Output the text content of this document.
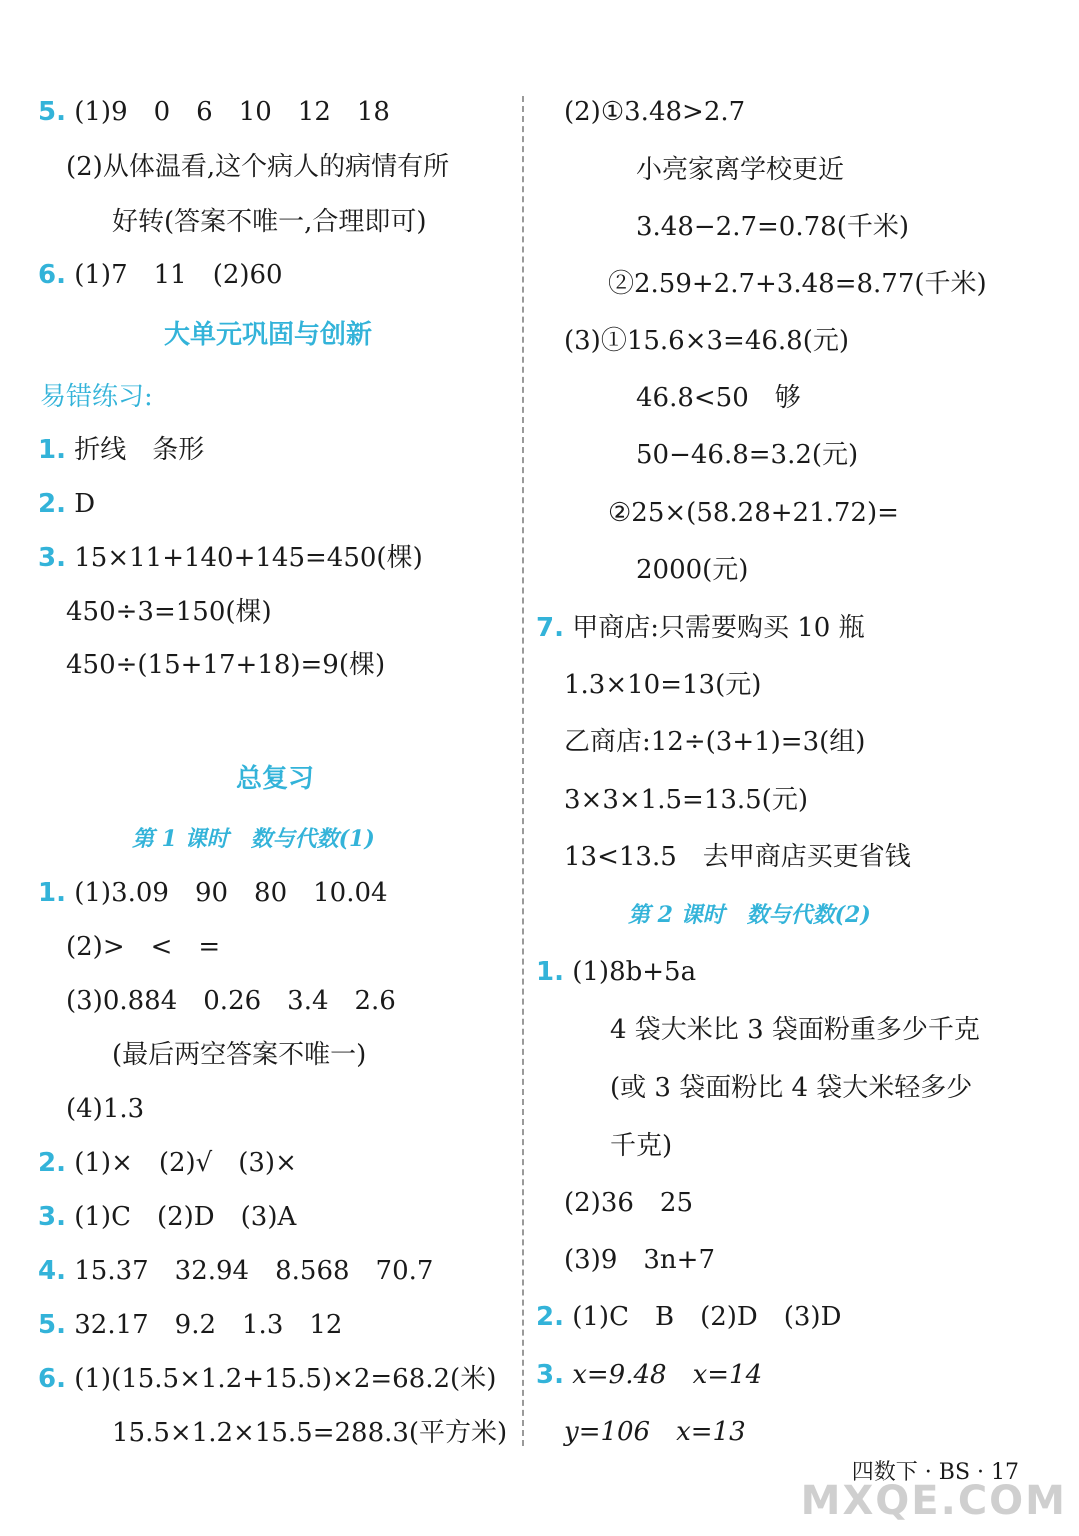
5. (1)9　0　6　10　12　18
(2)从体温看,这个病人的病情有所
好转(答案不唯一,合理即可)
6. (1)7　11　(2)60
大单元巩固与创新
易错练习:
1. 折线　条形
2. D
3. 15×11+140+145=450(棵)
450÷3=150(棵)
450÷(15+17+18)=9(棵)
总复习
第 1 课时　数与代数(1)
1. (1)3.09　90　80　10.04
(2)>　<　=
(3)0.884　0.26　3.4　2.6
(最后两空答案不唯一)
(4)1.3
2. (1)×　(2)√　(3)×
3. (1)C　(2)D　(3)A
4. 15.37　32.94　8.568　70.7
5. 32.17　9.2　1.3　12
6. (1)(15.5×1.2+15.5)×2=68.2(米)
15.5×1.2×15.5=288.3(平方米)
(2)①3.48>2.7
小亮家离学校更近
3.48−2.7=0.78(千米)
②2.59+2.7+3.48=8.77(千米)
(3)①15.6×3=46.8(元)
46.8<50　够
50−46.8=3.2(元)
②25×(58.28+21.72)=
2000(元)
7. 甲商店:只需要购买 10 瓶
1.3×10=13(元)
乙商店:12÷(3+1)=3(组)
3×3×1.5=13.5(元)
13<13.5　去甲商店买更省钱
第 2 课时　数与代数(2)
1. (1)8b+5a
4 袋大米比 3 袋面粉重多少千克
(或 3 袋面粉比 4 袋大米轻多少
千克)
(2)36　25
(3)9　3n+7
2. (1)C　B　(2)D　(3)D
3. x=9.48　x=14
y=106　x=13
四数下 · BS · 17
MXQE.COM
